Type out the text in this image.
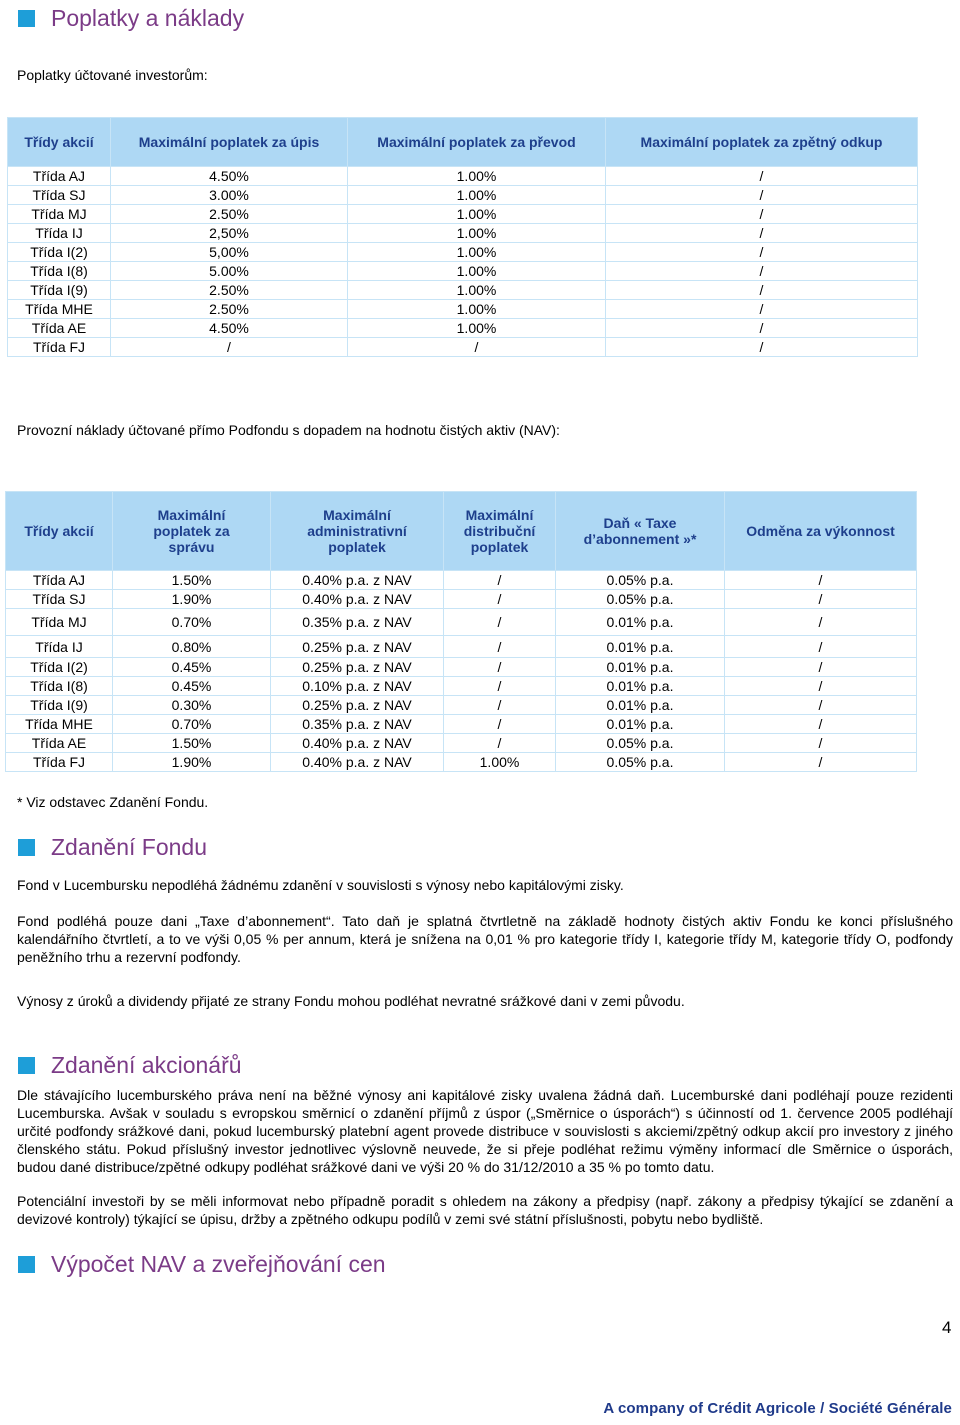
Poplatky a náklady
Poplatky účtované investorům:
Třídy akcií	Maximální poplatek za úpis	Maximální poplatek za převod	Maximální poplatek za zpětný odkup
Třída AJ	4.50%	1.00%	/
Třída SJ	3.00%	1.00%	/
Třída MJ	2.50%	1.00%	/
Třída IJ	2,50%	1.00%	/
Třída I(2)	5,00%	1.00%	/
Třída I(8)	5.00%	1.00%	/
Třída I(9)	2.50%	1.00%	/
Třída MHE	2.50%	1.00%	/
Třída AE	4.50%	1.00%	/
Třída FJ	/	/	/
Provozní náklady účtované přímo Podfondu s dopadem na hodnotu čistých aktiv (NAV):
Třídy akcií	Maximální poplatek za správu	Maximální administrativní poplatek	Maximální distribuční poplatek	Daň « Taxe d’abonnement »*	Odměna za výkonnost
Třída AJ	1.50%	0.40% p.a. z NAV	/	0.05% p.a.	/
Třída SJ	1.90%	0.40% p.a. z NAV	/	0.05% p.a.	/
Třída MJ	0.70%	0.35% p.a. z NAV	/	0.01% p.a.	/
Třída IJ	0.80%	0.25% p.a. z NAV	/	0.01% p.a.	/
Třída I(2)	0.45%	0.25% p.a. z NAV	/	0.01% p.a.	/
Třída I(8)	0.45%	0.10% p.a. z NAV	/	0.01% p.a.	/
Třída I(9)	0.30%	0.25% p.a. z NAV	/	0.01% p.a.	/
Třída MHE	0.70%	0.35% p.a. z NAV	/	0.01% p.a.	/
Třída AE	1.50%	0.40% p.a. z NAV	/	0.05% p.a.	/
Třída FJ	1.90%	0.40% p.a. z NAV	1.00%	0.05% p.a.	/
* Viz odstavec Zdanění Fondu.
Zdanění Fondu
Fond v Lucembursku nepodléhá žádnému zdanění v souvislosti s výnosy nebo kapitálovými zisky.
Fond podléhá pouze dani „Taxe d’abonnement“. Tato daň je splatná čtvrtletně na základě hodnoty čistých aktiv Fondu ke konci příslušného kalendářního čtvrtletí, a to ve výši 0,05 % per annum, která je snížena na 0,01 % pro kategorie třídy I, kategorie třídy M, kategorie třídy O, podfondy peněžního trhu a rezervní podfondy.
Výnosy z úroků a dividendy přijaté ze strany Fondu mohou podléhat nevratné srážkové dani v zemi původu.
Zdanění akcionářů
Dle stávajícího lucemburského práva není na běžné výnosy ani kapitálové zisky uvalena žádná daň. Lucemburské dani podléhají pouze rezidenti Lucemburska. Avšak v souladu s evropskou směrnicí o zdanění příjmů z úspor („Směrnice o úsporách“) s účinností od 1. července 2005 podléhají určité podfondy srážkové dani, pokud lucemburský platební agent provede distribuce v souvislosti s akciemi/zpětný odkup akcií pro investory z jiného členského státu. Pokud příslušný investor jednotlivec výslovně neuvede, že si přeje podléhat režimu výměny informací dle Směrnice o úsporách, budou dané distribuce/zpětné odkupy podléhat srážkové dani ve výši 20 % do 31/12/2010 a 35 % po tomto datu.
Potenciální investoři by se měli informovat nebo případně poradit s ohledem na zákony a předpisy (např. zákony a předpisy týkající se zdanění a devizové kontroly) týkající se úpisu, držby a zpětného odkupu podílů v zemi své státní příslušnosti, pobytu nebo bydliště.
Výpočet NAV a zveřejňování cen
4
A company of Crédit Agricole / Société Générale
